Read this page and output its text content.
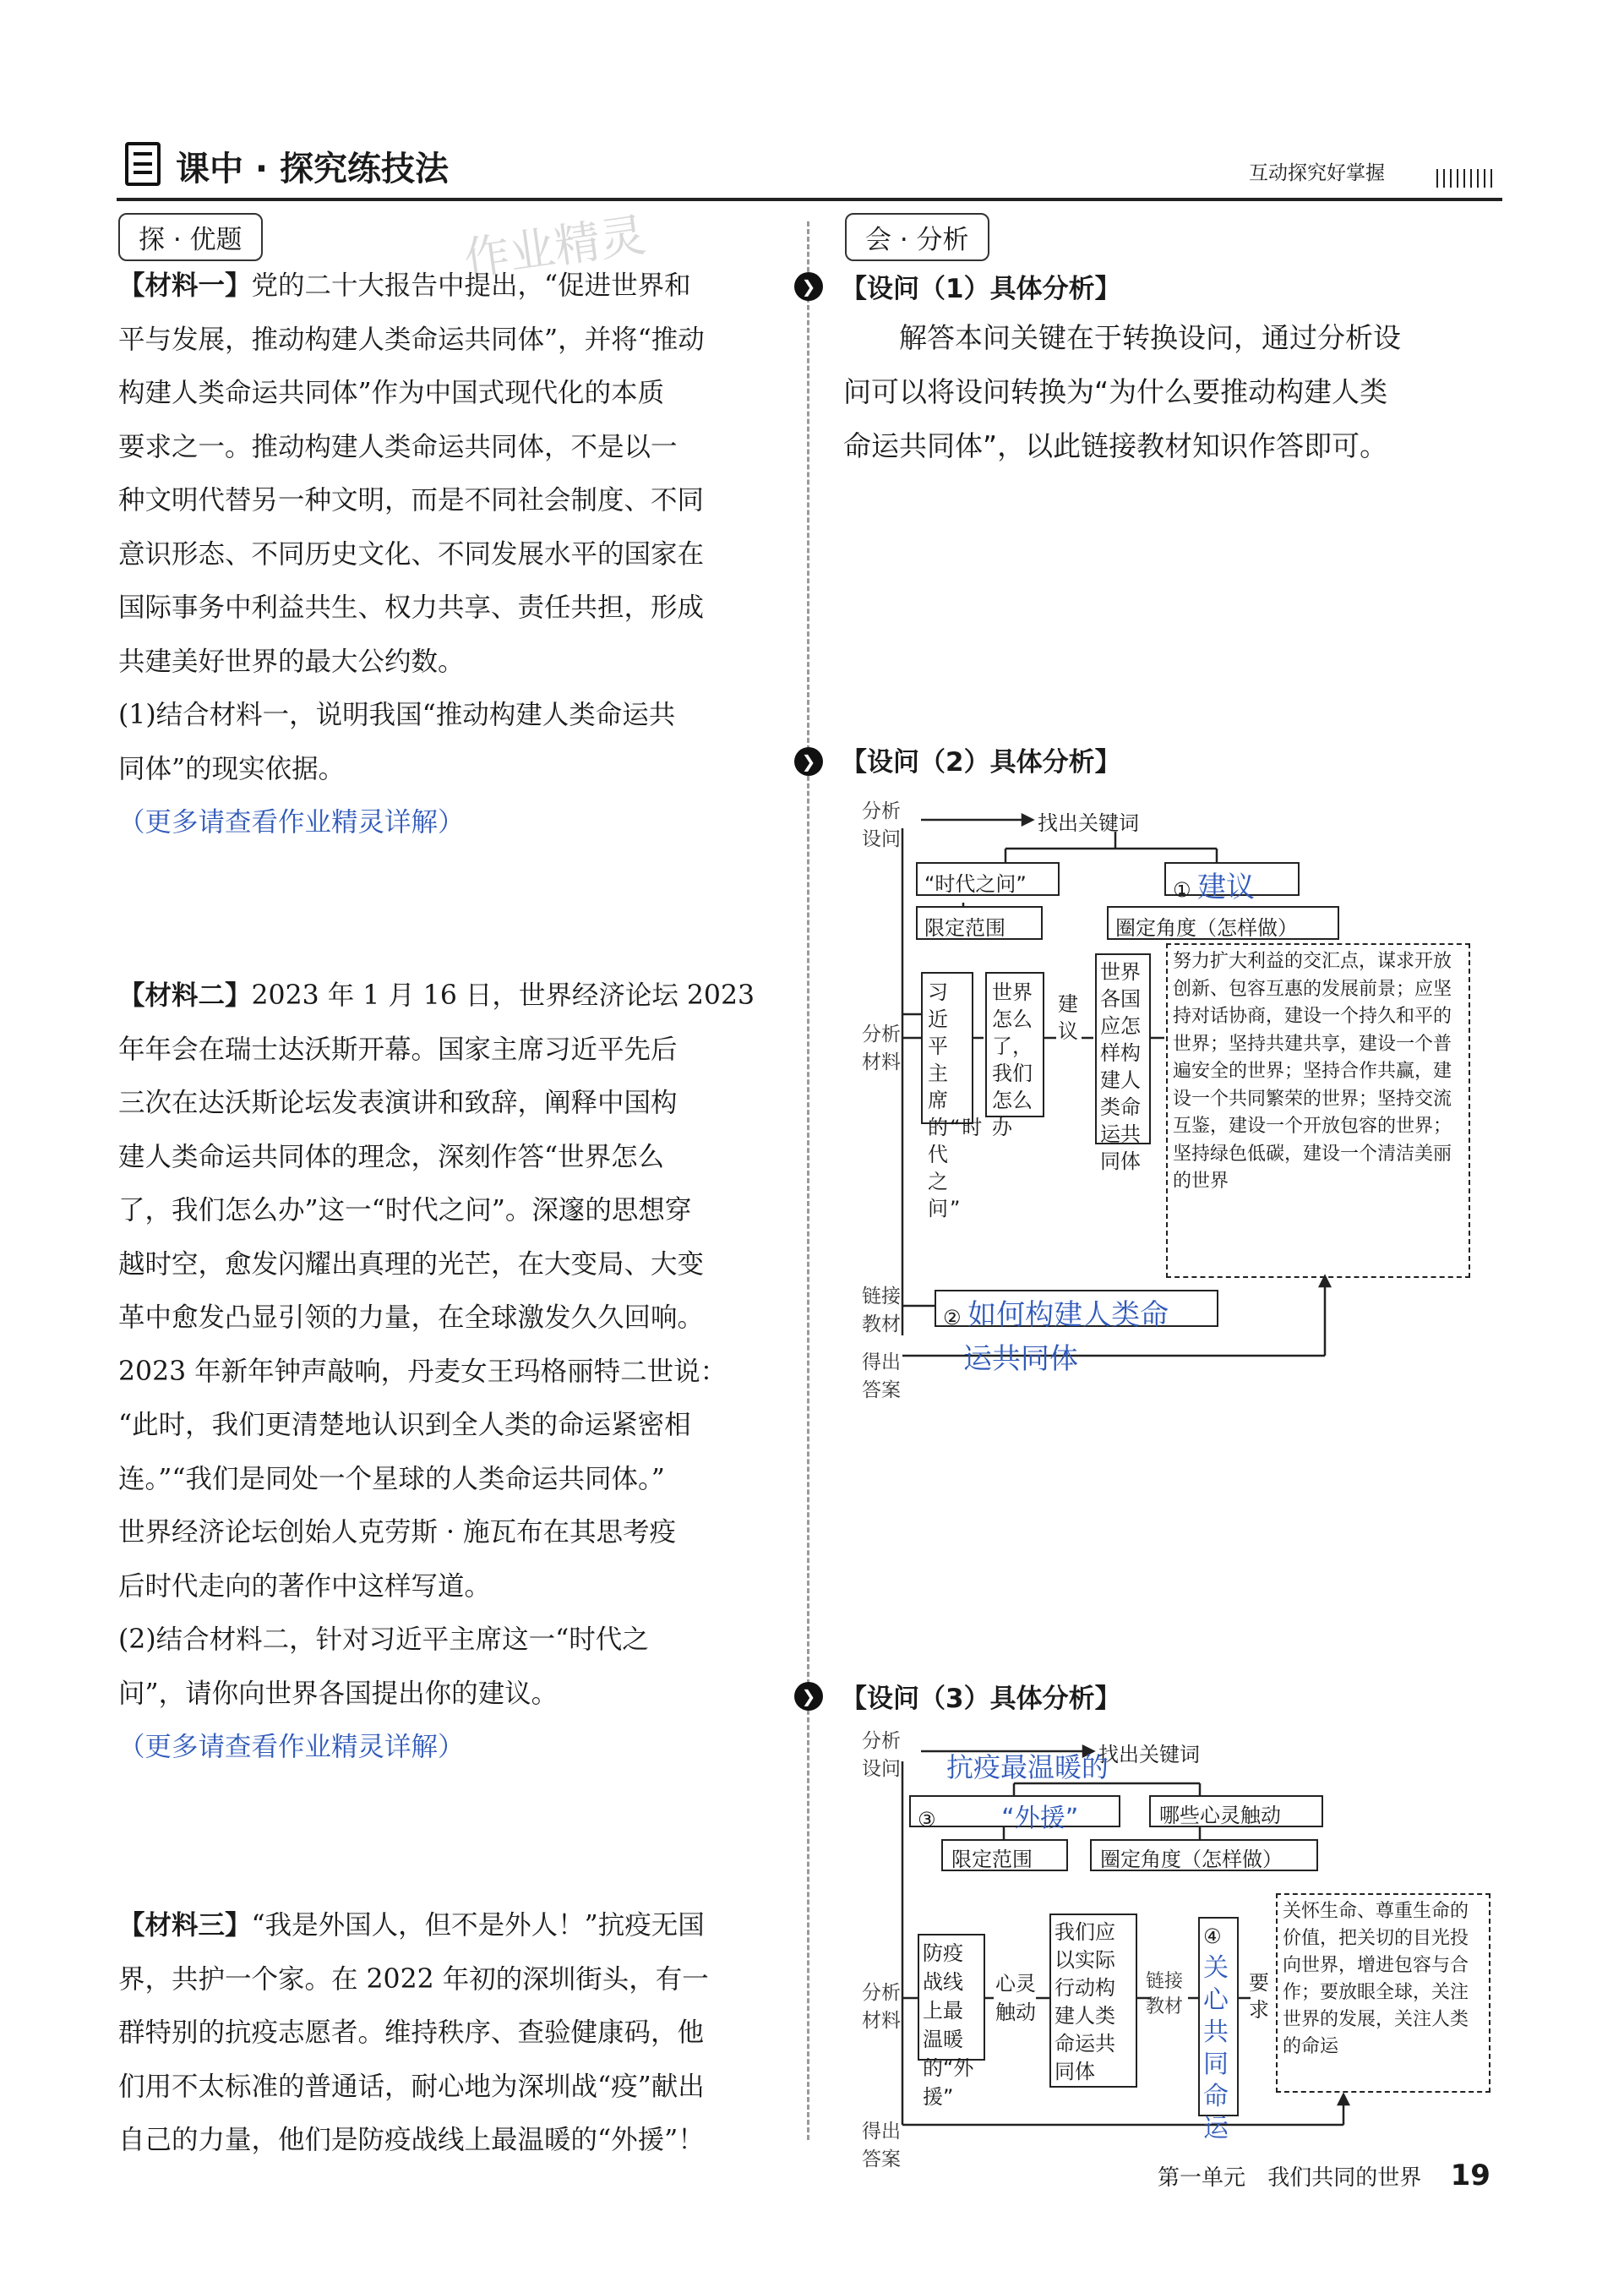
课中 · 探究练技法	互动探究好掌握
探 · 优题	会 · 分析
作业精灵

【材料一】党的二十大报告中提出，“促进世界和

平与发展，推动构建人类命运共同体”，并将“推动

构建人类命运共同体”作为中国式现代化的本质

要求之一。推动构建人类命运共同体，不是以一

种文明代替另一种文明，而是不同社会制度、不同

意识形态、不同历史文化、不同发展水平的国家在

国际事务中利益共生、权力共享、责任共担，形成

共建美好世界的最大公约数。

(1)结合材料一，说明我国“推动构建人类命运共

同体”的现实依据。

（更多请查看作业精灵详解）

【材料二】2023 年 1 月 16 日，世界经济论坛 2023

年年会在瑞士达沃斯开幕。国家主席习近平先后

三次在达沃斯论坛发表演讲和致辞，阐释中国构

建人类命运共同体的理念，深刻作答“世界怎么

了，我们怎么办”这一“时代之问”。深邃的思想穿

越时空，愈发闪耀出真理的光芒，在大变局、大变

革中愈发凸显引领的力量，在全球激发久久回响。

2023 年新年钟声敲响，丹麦女王玛格丽特二世说：

“此时，我们更清楚地认识到全人类的命运紧密相

连。”“我们是同处一个星球的人类命运共同体。”

世界经济论坛创始人克劳斯 · 施瓦布在其思考疫

后时代走向的著作中这样写道。

(2)结合材料二，针对习近平主席这一“时代之

问”，请你向世界各国提出你的建议。

（更多请查看作业精灵详解）

【材料三】“我是外国人，但不是外人！”抗疫无国

界，共护一个家。在 2022 年初的深圳街头，有一

群特别的抗疫志愿者。维持秩序、查验健康码，他

们用不太标准的普通话，耐心地为深圳战“疫”献出

自己的力量，他们是防疫战线上最温暖的“外援”！

❯ 【设问（1）具体分析】
解答本问关键在于转换设问，通过分析设
问可以将设问转换为“为什么要推动构建人类
命运共同体”，以此链接教材知识作答即可。
❯ 【设问（2）具体分析】
分析
设问
找出关键词
“时代之问”	① 建议
限定范围	圈定角度（怎样做）
分析
材料
习近平主席的“时代之问”
世界怎么了，我们怎么办
建议
世界各国应怎样构建人类命运共同体
努力扩大利益的交汇点，谋求开放创新、包容互惠的发展前景；应坚持对话协商，建设一个持久和平的世界；坚持共建共享，建设一个普遍安全的世界；坚持合作共赢，建设一个共同繁荣的世界；坚持交流互鉴，建设一个开放包容的世界；坚持绿色低碳，建设一个清洁美丽的世界
链接
教材	② 如何构建人类命
运共同体
得出
答案
❯ 【设问（3）具体分析】
分析
设问
找出关键词
抗疫最温暖的
③	“外援”	哪些心灵触动
限定范围	圈定角度（怎样做）
分析
材料
防疫战线上最温暖的“外援”
心灵触动
我们应以实际行动构建人类命运共同体
链接教材
④
关心共同命运
要求
关怀生命、尊重生命的价值，把关切的目光投向世界，增进包容与合作；要放眼全球，关注世界的发展，关注人类的命运
得出
答案
第一单元 我们共同的世界 19
